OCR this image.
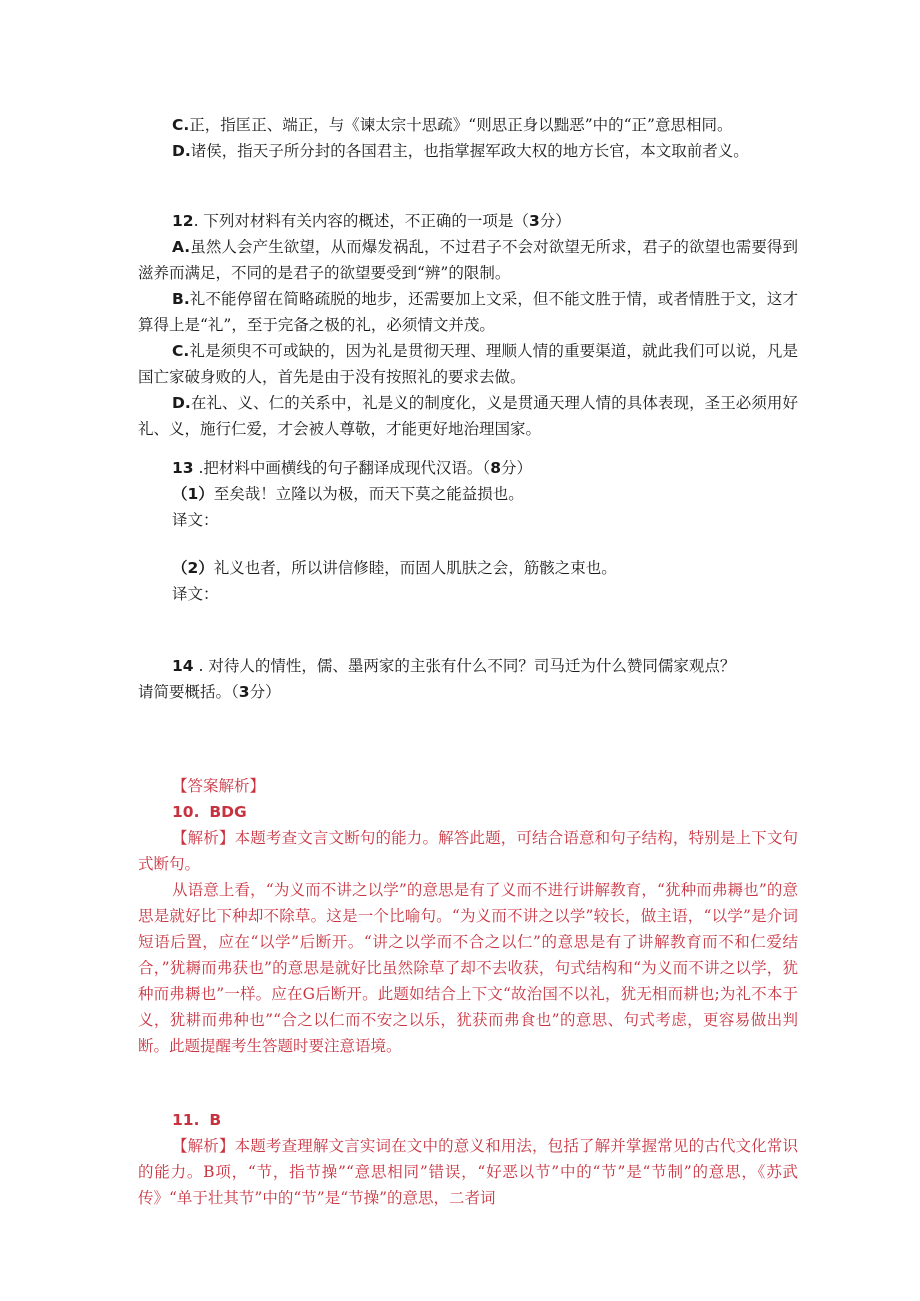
C.正，指匡正、端正，与《谏太宗十思疏》“则思正身以黜恶”中的“正”意思相同。

D.诸侯，指天子所分封的各国君主，也指掌握军政大权的地方长官，本文取前者义。

12. 下列对材料有关内容的概述，不正确的一项是（3分）

A.虽然人会产生欲望，从而爆发祸乱，不过君子不会对欲望无所求，君子的欲望也需要得到滋养而满足，不同的是君子的欲望要受到“辨”的限制。

B.礼不能停留在简略疏脱的地步，还需要加上文采，但不能文胜于情，或者情胜于文，这才算得上是“礼”，至于完备之极的礼，必须情文并茂。

C.礼是须臾不可或缺的，因为礼是贯彻天理、理顺人情的重要渠道，就此我们可以说，凡是国亡家破身败的人，首先是由于没有按照礼的要求去做。

D.在礼、义、仁的关系中，礼是义的制度化，义是贯通天理人情的具体表现，圣王必须用好礼、义，施行仁爱，才会被人尊敬，才能更好地治理国家。

13 .把材料中画横线的句子翻译成现代汉语。（8分）
（1）至矣哉！立隆以为极，而天下莫之能益损也。
译文：
（2）礼义也者，所以讲信修睦，而固人肌肤之会，筋骸之束也。
译文：
14 . 对待人的情性，儒、墨两家的主张有什么不同？司马迁为什么赞同儒家观点？
请简要概括。（3分）
【答案解析】
10. BDG

【解析】本题考查文言文断句的能力。解答此题，可结合语意和句子结构，特别是上下文句式断句。

从语意上看，“为义而不讲之以学”的意思是有了义而不进行讲解教育，“犹种而弗耨也”的意思是就好比下种却不除草。这是一个比喻句。“为义而不讲之以学”较长，做主语，“以学”是介词短语后置，应在“以学”后断开。“讲之以学而不合之以仁”的意思是有了讲解教育而不和仁爱结合，”犹耨而弗获也”的意思是就好比虽然除草了却不去收获，句式结构和“为义而不讲之以学，犹种而弗耨也”一样。应在G后断开。此题如结合上下文“故治国不以礼，犹无相而耕也;为礼不本于义，犹耕而弗种也”“合之以仁而不安之以乐，犹获而弗食也”的意思、句式考虑，更容易做出判断。此题提醒考生答题时要注意语境。

11. B

【解析】本题考查理解文言实词在文中的意义和用法，包括了解并掌握常见的古代文化常识的能力。B项，“节，指节操”“意思相同”错误，“好恶以节”中的“节”是“节制”的意思，《苏武传》“单于壮其节”中的“节”是“节操”的意思，二者词
